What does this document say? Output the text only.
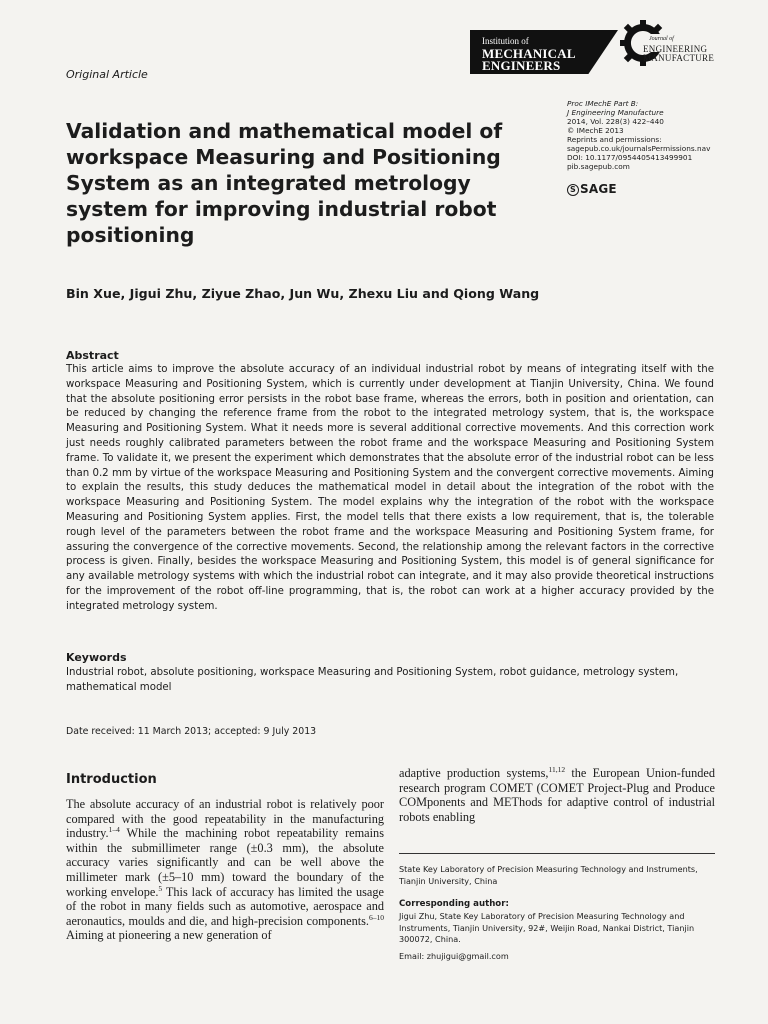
Institution of
MECHANICAL
ENGINEERS
Journal of
ENGINEERING
MANUFACTURE
Original Article
Validation and mathematical model of workspace Measuring and Positioning System as an integrated metrology system for improving industrial robot positioning
Proc IMechE Part B:
J Engineering Manufacture
2014, Vol. 228(3) 422–440
© IMechE 2013
Reprints and permissions:
sagepub.co.uk/journalsPermissions.nav
DOI: 10.1177/0954405413499901
pib.sagepub.com
S SAGE
Bin Xue, Jigui Zhu, Ziyue Zhao, Jun Wu, Zhexu Liu and Qiong Wang
Abstract

This article aims to improve the absolute accuracy of an individual industrial robot by means of integrating itself with the workspace Measuring and Positioning System, which is currently under development at Tianjin University, China. We found that the absolute positioning error persists in the robot base frame, whereas the errors, both in position and orientation, can be reduced by changing the reference frame from the robot to the integrated metrology system, that is, the workspace Measuring and Positioning System. What it needs more is several additional corrective movements. And this correction work just needs roughly calibrated parameters between the robot frame and the workspace Measuring and Positioning System frame. To validate it, we present the experiment which demonstrates that the absolute error of the industrial robot can be less than 0.2 mm by virtue of the workspace Measuring and Positioning System and the convergent corrective movements. Aiming to explain the results, this study deduces the mathematical model in detail about the integration of the robot with the workspace Measuring and Positioning System. The model explains why the integration of the robot with the workspace Measuring and Positioning System applies. First, the model tells that there exists a low requirement, that is, the tolerable rough level of the parameters between the robot frame and the workspace Measuring and Positioning System frame, for assuring the convergence of the corrective movements. Second, the relationship among the relevant factors in the corrective process is given. Finally, besides the workspace Measuring and Positioning System, this model is of general significance for any available metrology systems with which the industrial robot can integrate, and it may also provide theoretical instructions for the improvement of the robot off-line programming, that is, the robot can work at a higher accuracy provided by the integrated metrology system.

Keywords

Industrial robot, absolute positioning, workspace Measuring and Positioning System, robot guidance, metrology system, mathematical model

Date received: 11 March 2013; accepted: 9 July 2013
Introduction

The absolute accuracy of an industrial robot is relatively poor compared with the good repeatability in the manufacturing industry.$^{1-4}$ While the machining robot repeatability remains within the submillimeter range (±0.3 mm), the absolute accuracy varies significantly and can be well above the millimeter mark (±5–10 mm) toward the boundary of the working envelope.$^5$ This lack of accuracy has limited the usage of the robot in many fields such as automotive, aerospace and aeronautics, moulds and die, and high-precision components.$^{6-10}$ Aiming at pioneering a new generation of

adaptive production systems,$^{11,12}$ the European Union-funded research program COMET (COMET Project-Plug and Produce COMponents and METhods for adaptive control of industrial robots enabling

State Key Laboratory of Precision Measuring Technology and Instruments, Tianjin University, China

Corresponding author:

Jigui Zhu, State Key Laboratory of Precision Measuring Technology and Instruments, Tianjin University, 92#, Weijin Road, Nankai District, Tianjin 300072, China.

Email: zhujigui@gmail.com
